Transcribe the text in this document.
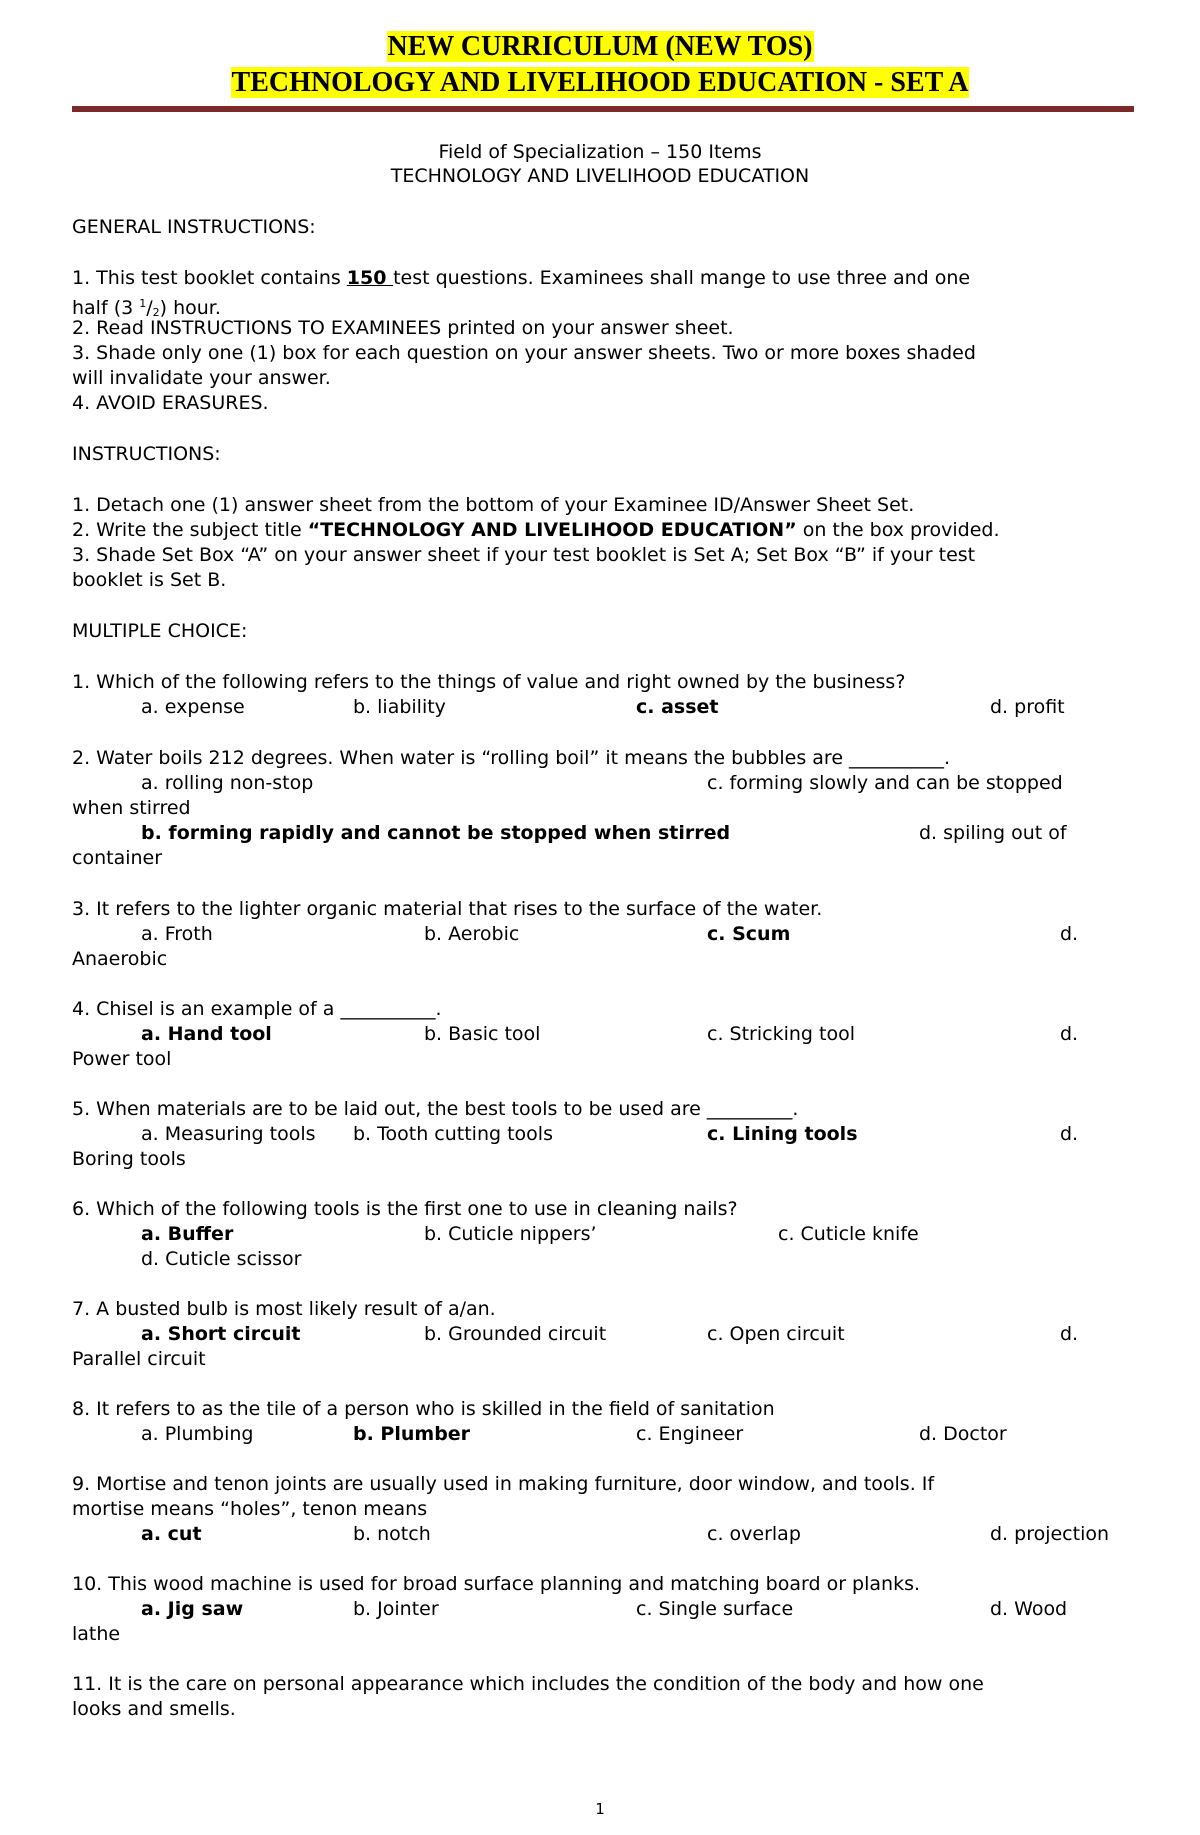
NEW CURRICULUM (NEW TOS)
TECHNOLOGY AND LIVELIHOOD EDUCATION - SET A
Field of Specialization – 150 Items
TECHNOLOGY AND LIVELIHOOD EDUCATION
GENERAL INSTRUCTIONS:
1. This test booklet contains 150 test questions. Examinees shall mange to use three and one
half (3 $^1$/2) hour.
2. Read INSTRUCTIONS TO EXAMINEES printed on your answer sheet.
3. Shade only one (1) box for each question on your answer sheets. Two or more boxes shaded
will invalidate your answer.
4. AVOID ERASURES.
INSTRUCTIONS:
1. Detach one (1) answer sheet from the bottom of your Examinee ID/Answer Sheet Set.
2. Write the subject title “TECHNOLOGY AND LIVELIHOOD EDUCATION” on the box provided.
3. Shade Set Box “A” on your answer sheet if your test booklet is Set A; Set Box “B” if your test
booklet is Set B.
MULTIPLE CHOICE:
1. Which of the following refers to the things of value and right owned by the business?
a. expense	b. liability	c. asset	d. profit
2. Water boils 212 degrees. When water is “rolling boil” it means the bubbles are __________.
a. rolling non-stop	c. forming slowly and can be stopped
when stirred
b. forming rapidly and cannot be stopped when stirred	d. spiling out of
container
3. It refers to the lighter organic material that rises to the surface of the water.
a. Froth	b. Aerobic	c. Scum	d.
Anaerobic
4. Chisel is an example of a __________.
a. Hand tool	b. Basic tool	c. Stricking tool	d.
Power tool
5. When materials are to be laid out, the best tools to be used are _________.
a. Measuring tools b. Tooth cutting tools	c. Lining tools	d.
Boring tools
6. Which of the following tools is the first one to use in cleaning nails?
a. Buffer	b. Cuticle nippers’	c. Cuticle knife
d. Cuticle scissor
7. A busted bulb is most likely result of a/an.
a. Short circuit	b. Grounded circuit	c. Open circuit	d.
Parallel circuit
8. It refers to as the tile of a person who is skilled in the field of sanitation
a. Plumbing	b. Plumber	c. Engineer	d. Doctor
9. Mortise and tenon joints are usually used in making furniture, door window, and tools. If
mortise means “holes”, tenon means
a. cut	b. notch	c. overlap	d. projection
10. This wood machine is used for broad surface planning and matching board or planks.
a. Jig saw	b. Jointer	c. Single surface	d. Wood
lathe
11. It is the care on personal appearance which includes the condition of the body and how one
looks and smells.
1
